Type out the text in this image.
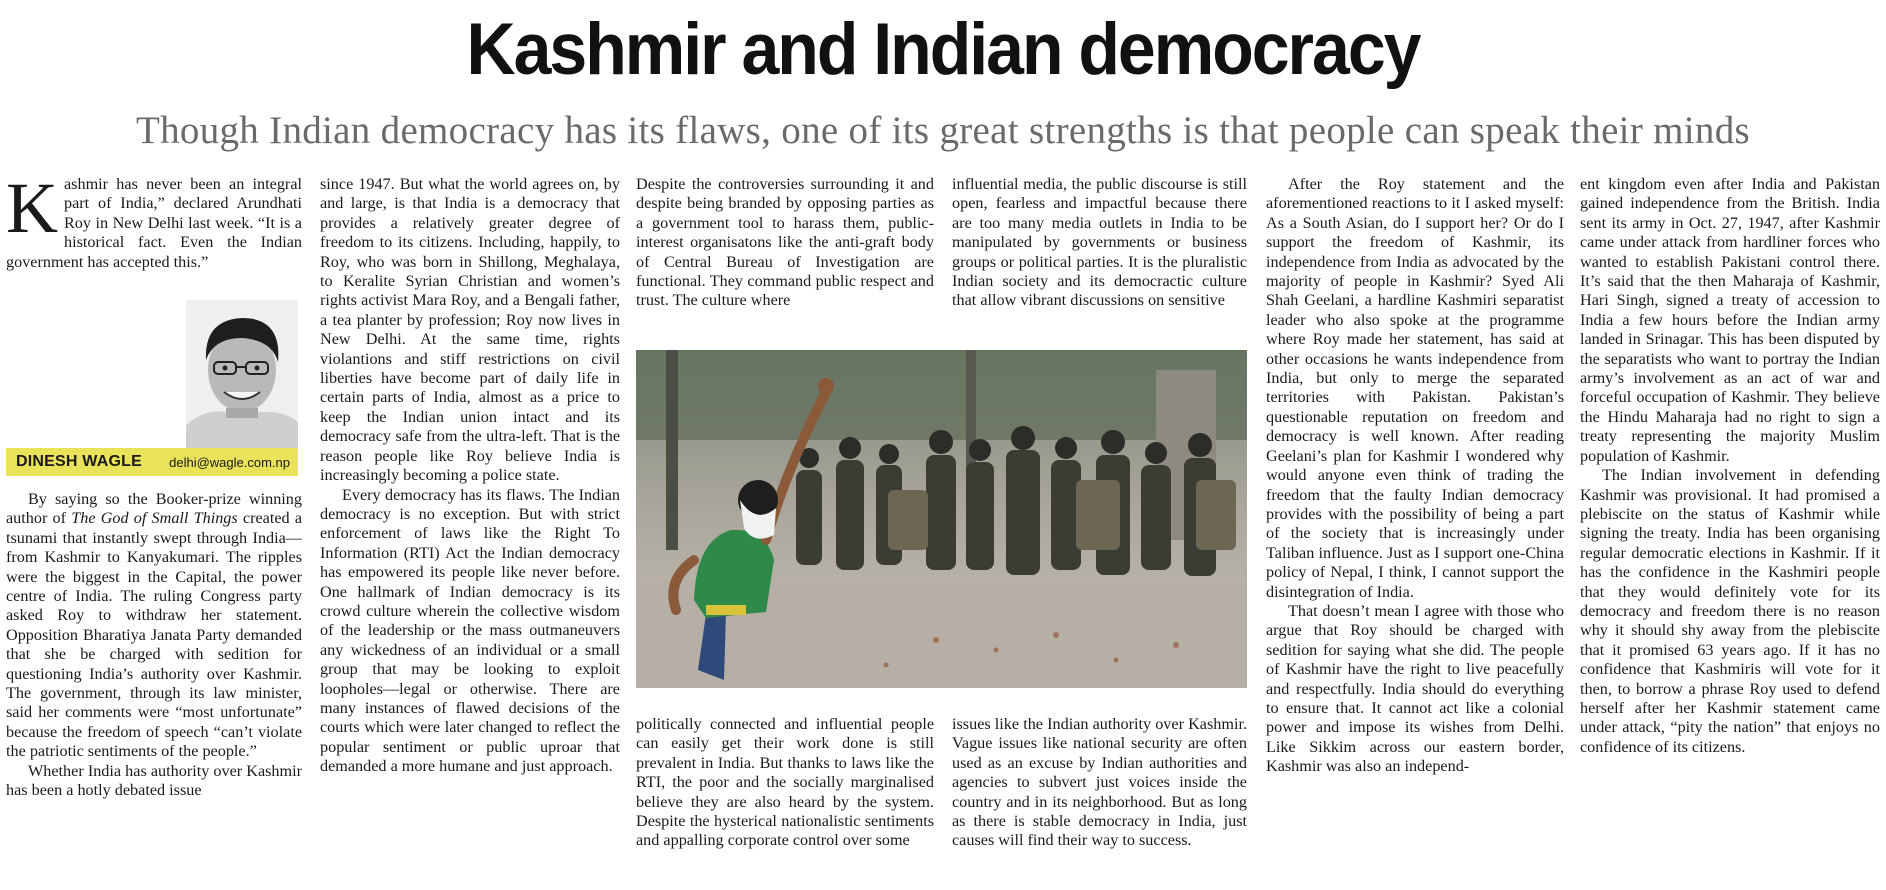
Kashmir and Indian democracy
Though Indian democracy has its flaws, one of its great strengths is that people can speak their minds

Kashmir has never been an integral part of India,” declared Arundhati Roy in New Delhi last week. “It is a historical fact. Even the Indian government has accepted this.”

DINESH WAGLE delhi@wagle.com.np

By saying so the Booker-prize winning author of The God of Small Things created a tsunami that instantly swept through India—from Kashmir to Kanyakumari. The ripples were the biggest in the Capital, the power centre of India. The ruling Congress party asked Roy to withdraw her statement. Opposition Bharatiya Janata Party demanded that she be charged with sedition for questioning India’s authority over Kashmir. The government, through its law minister, said her comments were “most unfortunate” because the freedom of speech “can’t violate the patriotic sentiments of the people.”

Whether India has authority over Kashmir has been a hotly debated issue

since 1947. But what the world agrees on, by and large, is that India is a democracy that provides a relatively greater degree of freedom to its citizens. Including, happily, to Roy, who was born in Shillong, Meghalaya, to Keralite Syrian Christian and women’s rights activist Mara Roy, and a Bengali father, a tea planter by profession; Roy now lives in New Delhi. At the same time, rights violantions and stiff restrictions on civil liberties have become part of daily life in certain parts of India, almost as a price to keep the Indian union intact and its democracy safe from the ultra-left. That is the reason people like Roy believe India is increasingly becoming a police state.

Every democracy has its flaws. The Indian democracy is no exception. But with strict enforcement of laws like the Right To Information (RTI) Act the Indian democracy has empowered its people like never before. One hallmark of Indian democracy is its crowd culture wherein the collective wisdom of the leadership or the mass outmaneuvers any wickedness of an individual or a small group that may be looking to exploit loopholes—legal or otherwise. There are many instances of flawed decisions of the courts which were later changed to reflect the popular sentiment or public uproar that demanded a more humane and just approach.

Despite the controversies surrounding it and despite being branded by opposing parties as a government tool to harass them, public-interest organisatons like the anti-graft body of Central Bureau of Investigation are functional. They command public respect and trust. The culture where

influential media, the public discourse is still open, fearless and impactful because there are too many media outlets in India to be manipulated by governments or business groups or political parties. It is the pluralistic Indian society and its democractic culture that allow vibrant discussions on sensitive

politically connected and influential people can easily get their work done is still prevalent in India. But thanks to laws like the RTI, the poor and the socially marginalised believe they are also heard by the system. Despite the hysterical nationalistic sentiments and appalling corporate control over some

issues like the Indian authority over Kashmir. Vague issues like national security are often used as an excuse by Indian authorities and agencies to subvert just voices inside the country and in its neighborhood. But as long as there is stable democracy in India, just causes will find their way to success.

After the Roy statement and the aforementioned reactions to it I asked myself: As a South Asian, do I support her? Or do I support the freedom of Kashmir, its independence from India as advocated by the majority of people in Kashmir? Syed Ali Shah Geelani, a hardline Kashmiri separatist leader who also spoke at the programme where Roy made her statement, has said at other occasions he wants independence from India, but only to merge the separated territories with Pakistan. Pakistan’s questionable reputation on freedom and democracy is well known. After reading Geelani’s plan for Kashmir I wondered why would anyone even think of trading the freedom that the faulty Indian democracy provides with the possibility of being a part of the society that is increasingly under Taliban influence. Just as I support one-China policy of Nepal, I think, I cannot support the disintegration of India.

That doesn’t mean I agree with those who argue that Roy should be charged with sedition for saying what she did. The people of Kashmir have the right to live peacefully and respectfully. India should do everything to ensure that. It cannot act like a colonial power and impose its wishes from Delhi. Like Sikkim across our eastern border, Kashmir was also an independ-

ent kingdom even after India and Pakistan gained independence from the British. India sent its army in Oct. 27, 1947, after Kashmir came under attack from hardliner forces who wanted to establish Pakistani control there. It’s said that the then Maharaja of Kashmir, Hari Singh, signed a treaty of accession to India a few hours before the Indian army landed in Srinagar. This has been disputed by the separatists who want to portray the Indian army’s involvement as an act of war and forceful occupation of Kashmir. They believe the Hindu Maharaja had no right to sign a treaty representing the majority Muslim population of Kashmir.

The Indian involvement in defending Kashmir was provisional. It had promised a plebiscite on the status of Kashmir while signing the treaty. India has been organising regular democratic elections in Kashmir. If it has the confidence in the Kashmiri people that they would definitely vote for its democracy and freedom there is no reason why it should shy away from the plebiscite that it promised 63 years ago. If it has no confidence that Kashmiris will vote for it then, to borrow a phrase Roy used to defend herself after her Kashmir statement came under attack, “pity the nation” that enjoys no confidence of its citizens.
